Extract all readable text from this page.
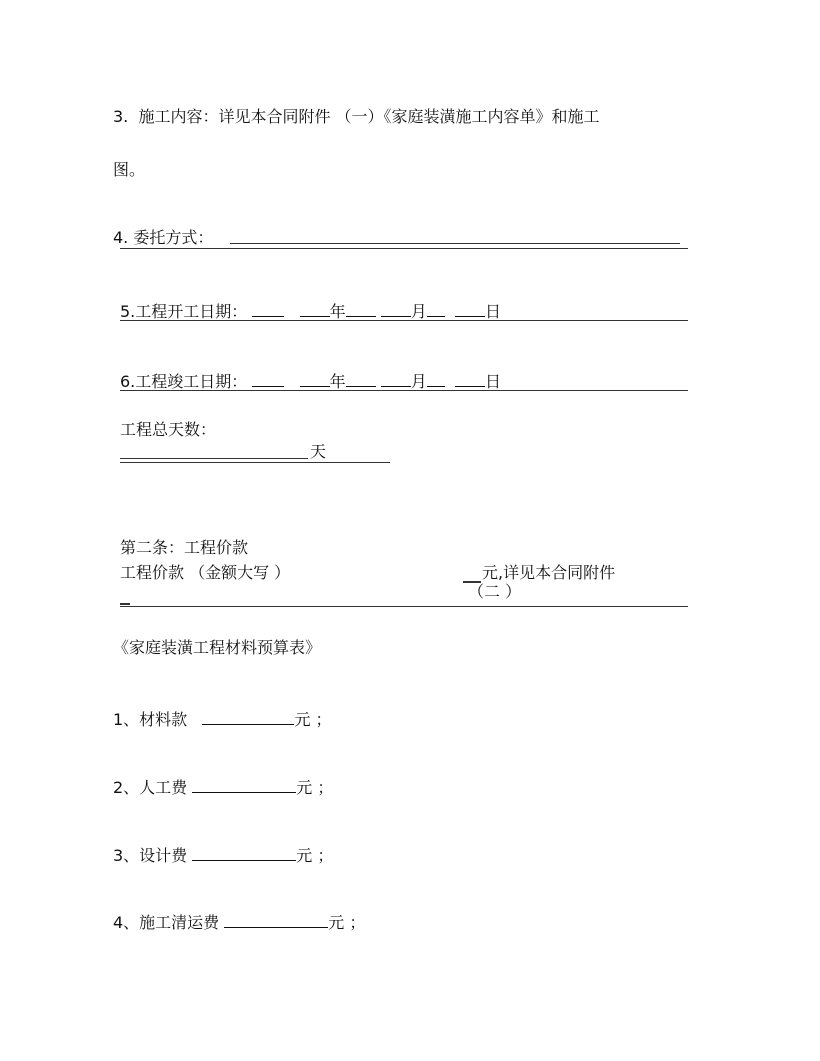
3.  施工内容：详见本合同附件 （一）《家庭装潢施工内容单》和施工
图。
4. 委托方式：
5.工程开工日期：	年	月	日
6.工程竣工日期：	年	月	日
工程总天数：
天
第二条：工程价款
工程价款 （金额大写 ）	元,详见本合同附件
（二 ）
《家庭装潢工程材料预算表》
1、材料款	元 ；
2、人工费	元 ；
3、设计费	元 ；
4、施工清运费	元 ；
